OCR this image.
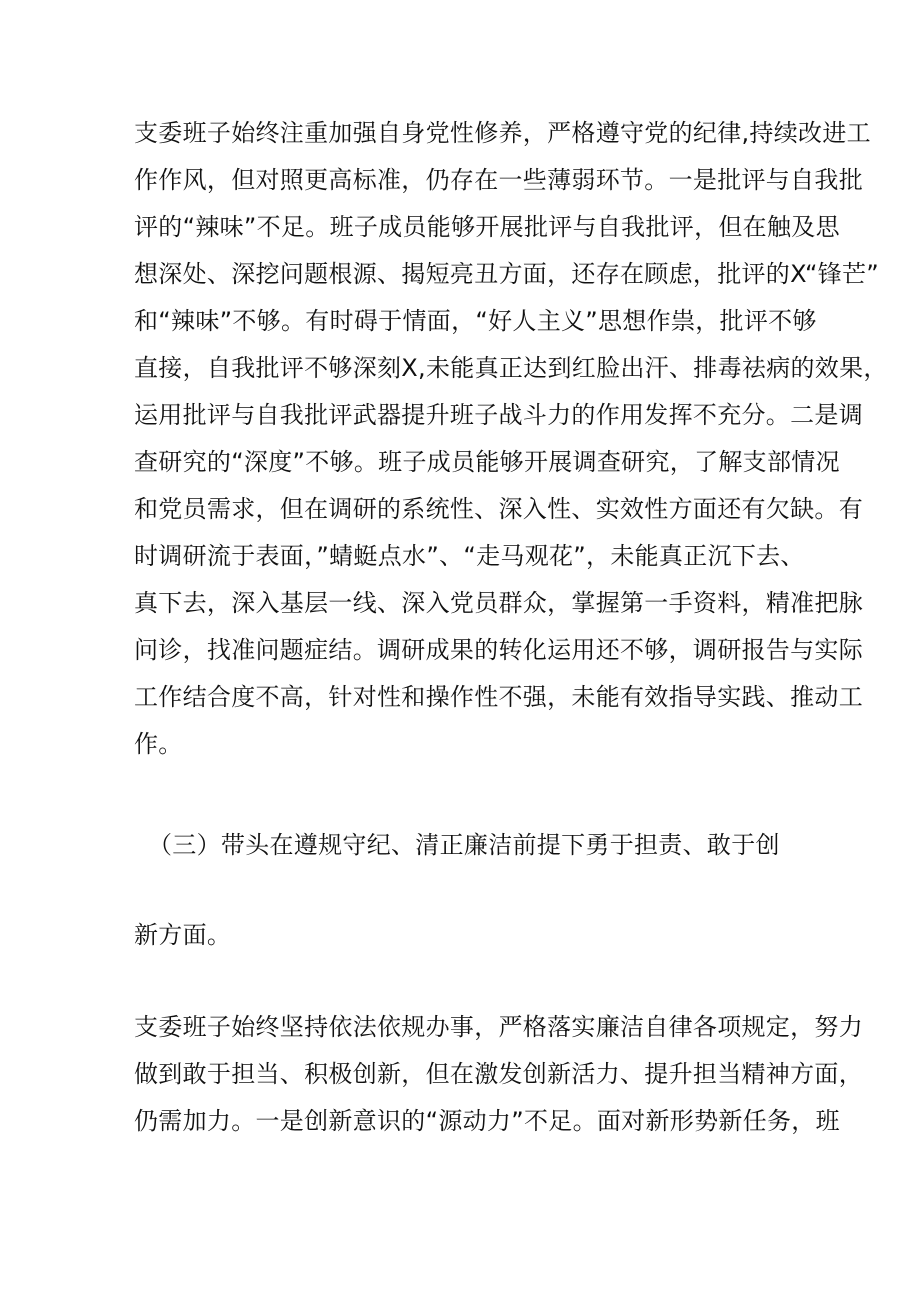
支委班子始终注重加强自身党性修养，严格遵守党的纪律,持续改进工
作作风，但对照更高标准，仍存在一些薄弱环节。一是批评与自我批
评的“辣味”不足。班子成员能够开展批评与自我批评，但在触及思
想深处、深挖问题根源、揭短亮丑方面，还存在顾虑，批评的X“锋芒”
和“辣味”不够。有时碍于情面，“好人主义”思想作祟，批评不够
直接，自我批评不够深刻X,未能真正达到红脸出汗、排毒祛病的效果，
运用批评与自我批评武器提升班子战斗力的作用发挥不充分。二是调
查研究的“深度”不够。班子成员能够开展调查研究，了解支部情况
和党员需求，但在调研的系统性、深入性、实效性方面还有欠缺。有
时调研流于表面，”蜻蜓点水”、“走马观花”，未能真正沉下去、
真下去，深入基层一线、深入党员群众，掌握第一手资料，精准把脉
问诊，找准问题症结。调研成果的转化运用还不够，调研报告与实际
工作结合度不高，针对性和操作性不强，未能有效指导实践、推动工
作。
（三）带头在遵规守纪、清正廉洁前提下勇于担责、敢于创
新方面。
支委班子始终坚持依法依规办事，严格落实廉洁自律各项规定，努力
做到敢于担当、积极创新，但在激发创新活力、提升担当精神方面，
仍需加力。一是创新意识的“源动力”不足。面对新形势新任务，班
